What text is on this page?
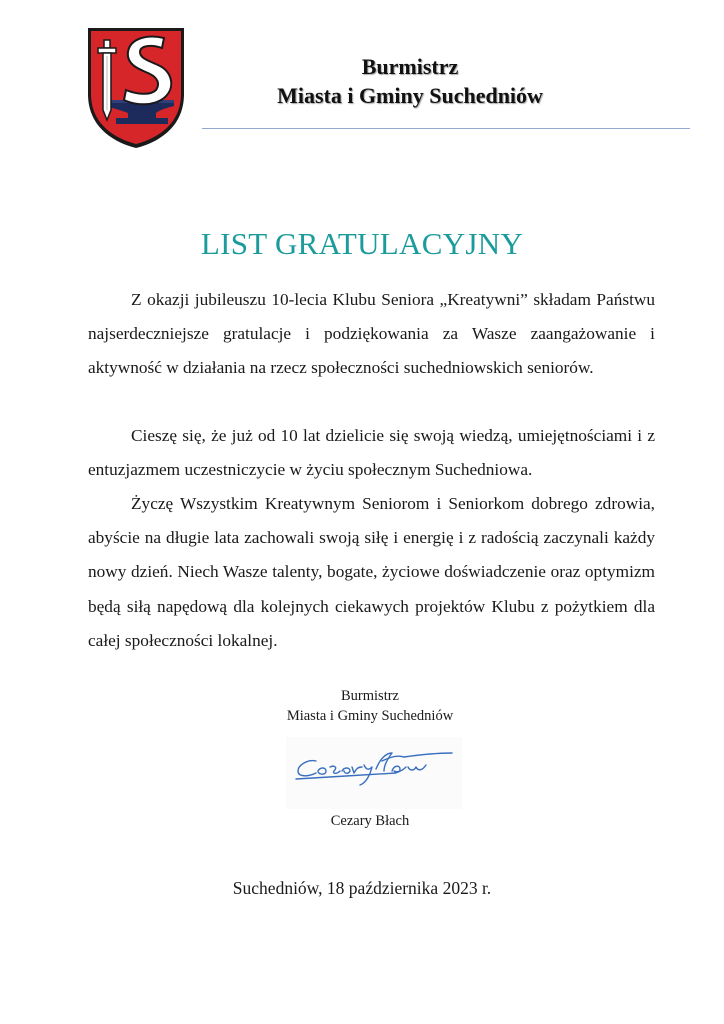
Burmistrz
Miasta i Gminy Suchedniów
LIST GRATULACYJNY

Z okazji jubileuszu 10-lecia Klubu Seniora „Kreatywni” składam Państwu najserdeczniejsze gratulacje i podziękowania za Wasze zaangażowanie i aktywność w działania na rzecz społeczności suchedniowskich seniorów.

Cieszę się, że już od 10 lat dzielicie się swoją wiedzą, umiejętnościami i z entuzjazmem uczestniczycie w życiu społecznym Suchedniowa.

Życzę Wszystkim Kreatywnym Seniorom i Seniorkom dobrego zdrowia, abyście na długie lata zachowali swoją siłę i energię i z radością zaczynali każdy nowy dzień. Niech Wasze talenty, bogate, życiowe doświadczenie oraz optymizm będą siłą napędową dla kolejnych ciekawych projektów Klubu z pożytkiem dla całej społeczności lokalnej.

Burmistrz
Miasta i Gminy Suchedniów
Cezary Błach
Suchedniów, 18 października 2023 r.
